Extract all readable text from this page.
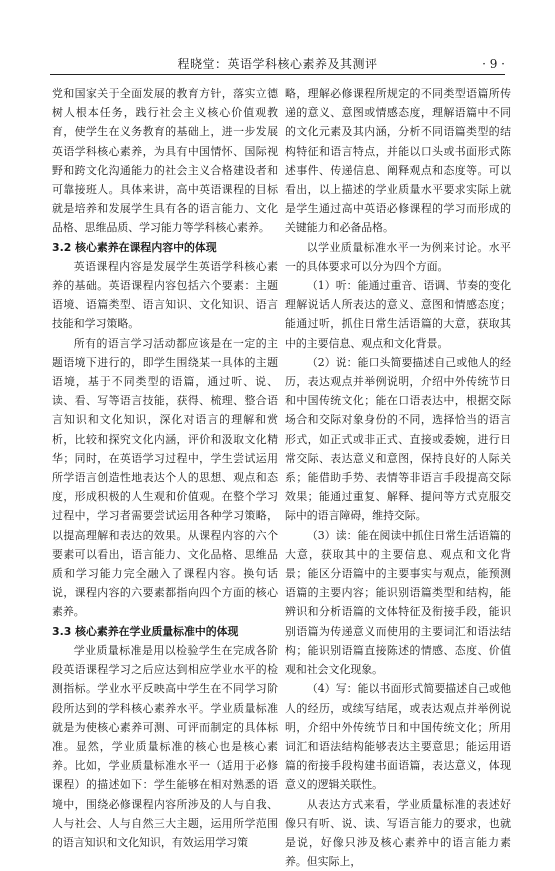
程晓堂：英语学科核心素养及其测评	· 9 ·

党和国家关于全面发展的教育方针，落实立德树人根本任务，践行社会主义核心价值观教育，使学生在义务教育的基础上，进一步发展英语学科核心素养，为具有中国情怀、国际视野和跨文化沟通能力的社会主义合格建设者和可靠接班人。具体来讲，高中英语课程的目标就是培养和发展学生具有各的语言能力、文化品格、思维品质、学习能力等学科核心素养。

3.2 核心素养在课程内容中的体现

英语课程内容是发展学生英语学科核心素养的基础。英语课程内容包括六个要素：主题语境、语篇类型、语言知识、文化知识、语言技能和学习策略。

所有的语言学习活动都应该是在一定的主题语境下进行的，即学生围绕某一具体的主题语境，基于不同类型的语篇，通过听、说、读、看、写等语言技能，获得、梳理、整合语言知识和文化知识，深化对语言的理解和赏析，比较和探究文化内涵，评价和汲取文化精华；同时，在英语学习过程中，学生尝试运用所学语言创造性地表达个人的思想、观点和态度，形成积极的人生观和价值观。在整个学习过程中，学习者需要尝试运用各种学习策略，以提高理解和表达的效果。从课程内容的六个要素可以看出，语言能力、文化品格、思维品质和学习能力完全融入了课程内容。换句话说，课程内容的六要素都指向四个方面的核心素养。

3.3 核心素养在学业质量标准中的体现

学业质量标准是用以检验学生在完成各阶段英语课程学习之后应达到相应学业水平的检测指标。学业水平反映高中学生在不同学习阶段所达到的学科核心素养水平。学业质量标准就是为使核心素养可测、可评而制定的具体标准。显然，学业质量标准的核心也是核心素养。比如，学业质量标准水平一（适用于必修课程）的描述如下：学生能够在相对熟悉的语境中，围绕必修课程内容所涉及的人与自我、人与社会、人与自然三大主题，运用所学范围的语言知识和文化知识，有效运用学习策

略，理解必修课程所规定的不同类型语篇所传递的意义、意图或情感态度，理解语篇中不同的文化元素及其内涵，分析不同语篇类型的结构特征和语言特点，并能以口头或书面形式陈述事件、传递信息、阐释观点和态度等。可以看出，以上描述的学业质量水平要求实际上就是学生通过高中英语必修课程的学习而形成的关键能力和必备品格。

以学业质量标准水平一为例来讨论。水平一的具体要求可以分为四个方面。

（1）听：能通过重音、语调、节奏的变化理解说话人所表达的意义、意图和情感态度；能通过听，抓住日常生活语篇的大意，获取其中的主要信息、观点和文化背景。

（2）说：能口头简要描述自己或他人的经历，表达观点并举例说明，介绍中外传统节日和中国传统文化；能在口语表达中，根据交际场合和交际对象身份的不同，选择恰当的语言形式，如正式或非正式、直接或委婉，进行日常交际、表达意义和意图，保持良好的人际关系；能借助手势、表情等非语言手段提高交际效果；能通过重复、解释、提问等方式克服交际中的语言障碍，维持交际。

（3）读：能在阅读中抓住日常生活语篇的大意，获取其中的主要信息、观点和文化背景；能区分语篇中的主要事实与观点，能预测语篇的主要内容；能识别语篇类型和结构，能辨识和分析语篇的文体特征及衔接手段，能识别语篇为传递意义而使用的主要词汇和语法结构；能识别语篇直接陈述的情感、态度、价值观和社会文化现象。

（4）写：能以书面形式简要描述自己或他人的经历，或续写结尾，或表达观点并举例说明，介绍中外传统节日和中国传统文化；所用词汇和语法结构能够表达主要意思；能运用语篇的衔接手段构建书面语篇，表达意义，体现意义的逻辑关联性。

从表达方式来看，学业质量标准的表述好像只有听、说、读、写语言能力的要求，也就是说，好像只涉及核心素养中的语言能力素养。但实际上，
